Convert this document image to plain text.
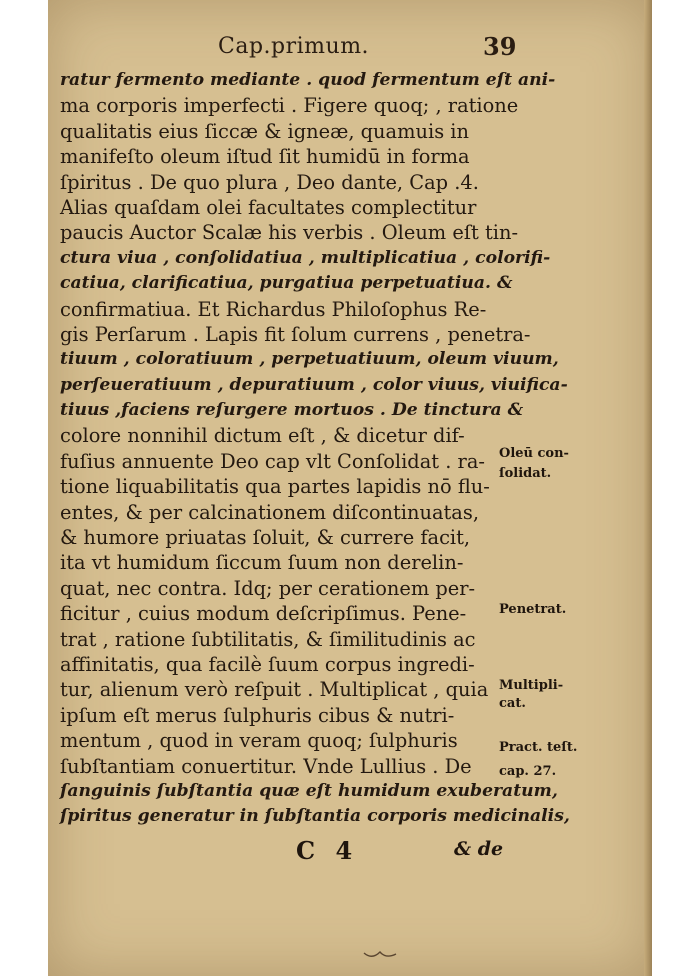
Cap.primum.	39
ratur fermento mediante . quod fermentum eſt ani-
ma corporis imperfecti . Figere quoq; , ratione
qualitatis eius ſiccæ & igneæ, quamuis in
manifeſto oleum iſtud ſit humidū in forma
ſpiritus . De quo plura , Deo dante, Cap .4.
Alias quaſdam olei facultates complectitur
paucis Auctor Scalæ his verbis . Oleum eſt tin-
ctura viua , conſolidatiua , multiplicatiua , colorifi-
catiua, clarificatiua, purgatiua perpetuatiua. &
confirmatiua. Et Richardus Philoſophus Re-
gis Perſarum . Lapis fit ſolum currens , penetra-
tiuum , coloratiuum , perpetuatiuum, oleum viuum,
perſeueratiuum , depuratiuum , color viuus, viuifica-
tiuus ,faciens reſurgere mortuos . De tinctura &
colore nonnihil dictum eſt , & dicetur dif-
fuſius annuente Deo cap vlt Conſolidat . ra-
tione liquabilitatis qua partes lapidis nō flu-
entes, & per calcinationem diſcontinuatas,
& humore priuatas ſoluit, & currere facit,
ita vt humidum ſiccum ſuum non derelin-
quat, nec contra. Idq; per cerationem per-
ficitur , cuius modum deſcripſimus. Pene-
trat , ratione ſubtilitatis, & ſimilitudinis ac
affinitatis, qua facilè ſuum corpus ingredi-
tur, alienum verò reſpuit . Multiplicat , quia
ipſum eſt merus ſulphuris cibus & nutri-
mentum , quod in veram quoq; ſulphuris
ſubſtantiam conuertitur. Vnde Lullius . De
ſanguinis ſubſtantia quæ eſt humidum exuberatum,
ſpiritus generatur in ſubſtantia corporis medicinalis,
Oleū con-
ſolidat.
Penetrat.
Multipli-
cat.
Pract. teſt.
cap. 27.
C 4	& de
